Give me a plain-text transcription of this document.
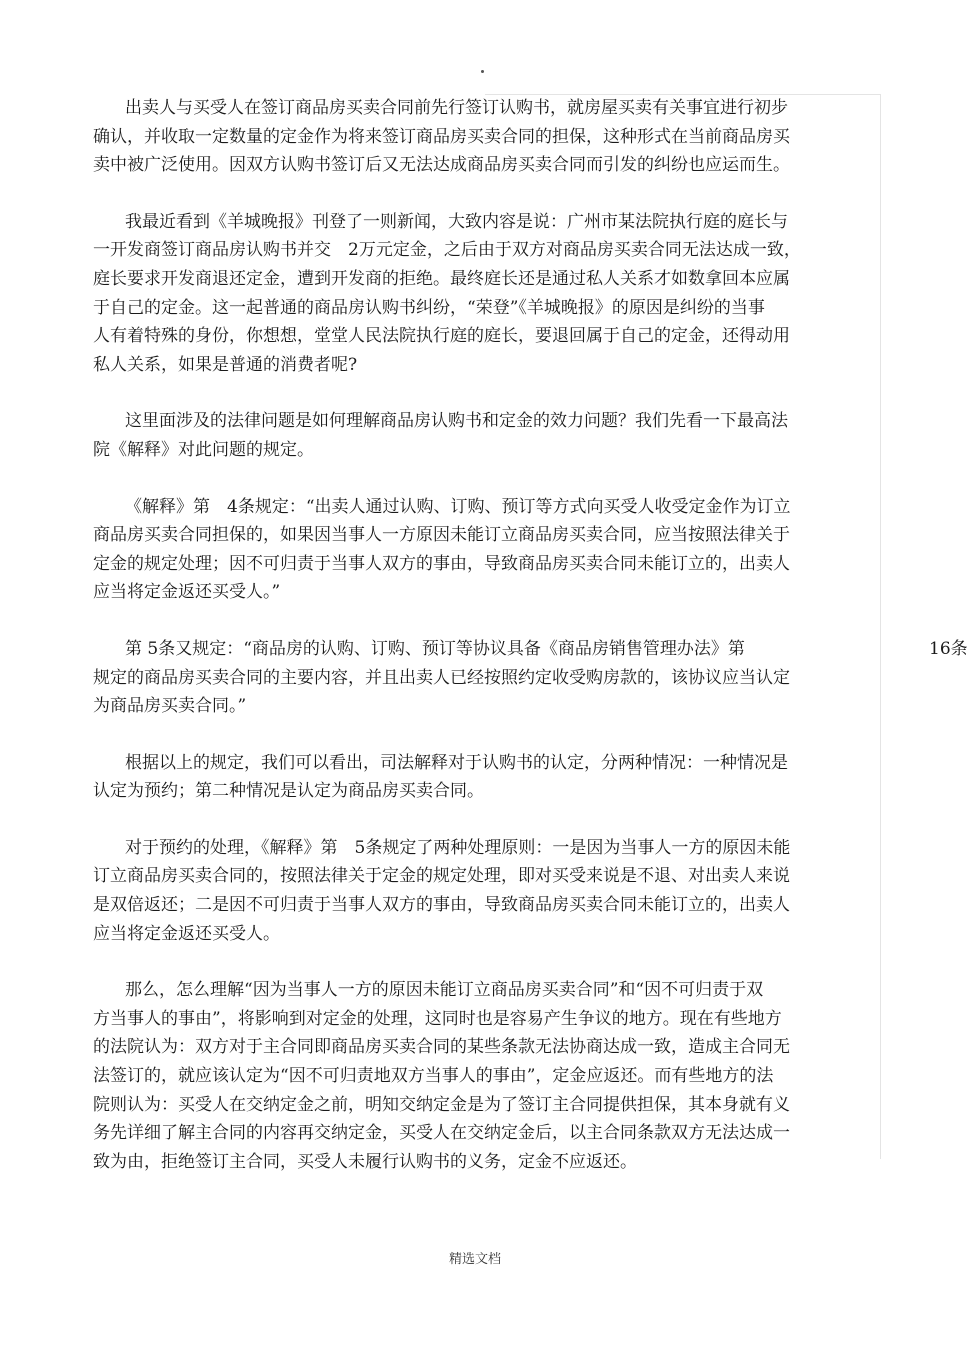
出卖人与买受人在签订商品房买卖合同前先行签订认购书，就房屋买卖有关事宜进行初步
确认，并收取一定数量的定金作为将来签订商品房买卖合同的担保，这种形式在当前商品房买
卖中被广泛使用。因双方认购书签订后又无法达成商品房买卖合同而引发的纠纷也应运而生。

我最近看到《羊城晚报》刊登了一则新闻，大致内容是说：广州市某法院执行庭的庭长与
一开发商签订商品房认购书并交　2万元定金，之后由于双方对商品房买卖合同无法达成一致，
庭长要求开发商退还定金，遭到开发商的拒绝。最终庭长还是通过私人关系才如数拿回本应属
于自己的定金。这一起普通的商品房认购书纠纷，“荣登”《羊城晚报》的原因是纠纷的当事
人有着特殊的身份，你想想，堂堂人民法院执行庭的庭长，要退回属于自己的定金，还得动用
私人关系，如果是普通的消费者呢?

这里面涉及的法律问题是如何理解商品房认购书和定金的效力问题？我们先看一下最高法
院《解释》对此问题的规定。

《解释》第　4条规定：“出卖人通过认购、订购、预订等方式向买受人收受定金作为订立
商品房买卖合同担保的，如果因当事人一方原因未能订立商品房买卖合同，应当按照法律关于
定金的规定处理；因不可归责于当事人双方的事由，导致商品房买卖合同未能订立的，出卖人
应当将定金返还买受人。”

第 5条又规定：“商品房的认购、订购、预订等协议具备《商品房销售管理办法》第	16条
规定的商品房买卖合同的主要内容，并且出卖人已经按照约定收受购房款的，该协议应当认定
为商品房买卖合同。”

根据以上的规定，我们可以看出，司法解释对于认购书的认定，分两种情况：一种情况是
认定为预约；第二种情况是认定为商品房买卖合同。

对于预约的处理，《解释》第　5条规定了两种处理原则：一是因为当事人一方的原因未能
订立商品房买卖合同的，按照法律关于定金的规定处理，即对买受来说是不退、对出卖人来说
是双倍返还；二是因不可归责于当事人双方的事由，导致商品房买卖合同未能订立的，出卖人
应当将定金返还买受人。

那么，怎么理解“因为当事人一方的原因未能订立商品房买卖合同”和“因不可归责于双
方当事人的事由”，将影响到对定金的处理，这同时也是容易产生争议的地方。现在有些地方
的法院认为：双方对于主合同即商品房买卖合同的某些条款无法协商达成一致，造成主合同无
法签订的，就应该认定为“因不可归责地双方当事人的事由”，定金应返还。而有些地方的法
院则认为：买受人在交纳定金之前，明知交纳定金是为了签订主合同提供担保，其本身就有义
务先详细了解主合同的内容再交纳定金，买受人在交纳定金后，以主合同条款双方无法达成一
致为由，拒绝签订主合同，买受人未履行认购书的义务，定金不应返还。

精选文档
